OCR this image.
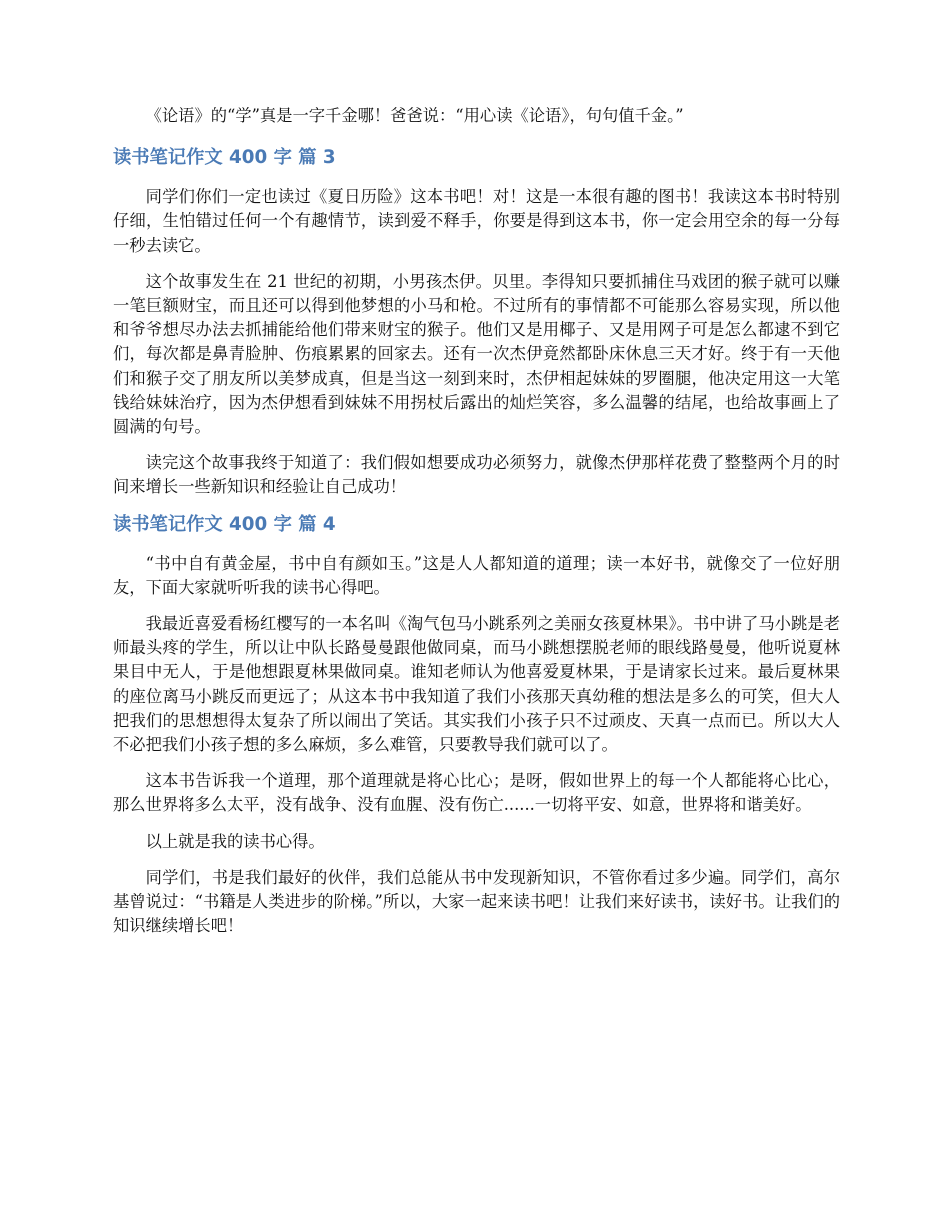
《论语》的“学”真是一字千金哪！爸爸说：“用心读《论语》，句句值千金。”

读书笔记作文 400 字 篇 3

同学们你们一定也读过《夏日历险》这本书吧！对！这是一本很有趣的图书！我读这本书时特别仔细，生怕错过任何一个有趣情节，读到爱不释手，你要是得到这本书，你一定会用空余的每一分每一秒去读它。

这个故事发生在 21 世纪的初期，小男孩杰伊。贝里。李得知只要抓捕住马戏团的猴子就可以赚一笔巨额财宝，而且还可以得到他梦想的小马和枪。不过所有的事情都不可能那么容易实现，所以他和爷爷想尽办法去抓捕能给他们带来财宝的猴子。他们又是用椰子、又是用网子可是怎么都逮不到它们，每次都是鼻青脸肿、伤痕累累的回家去。还有一次杰伊竟然都卧床休息三天才好。终于有一天他们和猴子交了朋友所以美梦成真，但是当这一刻到来时，杰伊相起妹妹的罗圈腿，他决定用这一大笔钱给妹妹治疗，因为杰伊想看到妹妹不用拐杖后露出的灿烂笑容，多么温馨的结尾，也给故事画上了圆满的句号。

读完这个故事我终于知道了：我们假如想要成功必须努力，就像杰伊那样花费了整整两个月的时间来增长一些新知识和经验让自己成功！

读书笔记作文 400 字 篇 4

“书中自有黄金屋，书中自有颜如玉。”这是人人都知道的道理；读一本好书，就像交了一位好朋友，下面大家就听听我的读书心得吧。

我最近喜爱看杨红樱写的一本名叫《淘气包马小跳系列之美丽女孩夏林果》。书中讲了马小跳是老师最头疼的学生，所以让中队长路曼曼跟他做同桌，而马小跳想摆脱老师的眼线路曼曼，他听说夏林果目中无人，于是他想跟夏林果做同桌。谁知老师认为他喜爱夏林果，于是请家长过来。最后夏林果的座位离马小跳反而更远了；从这本书中我知道了我们小孩那天真幼稚的想法是多么的可笑，但大人把我们的思想想得太复杂了所以闹出了笑话。其实我们小孩子只不过顽皮、天真一点而已。所以大人不必把我们小孩子想的多么麻烦，多么难管，只要教导我们就可以了。

这本书告诉我一个道理，那个道理就是将心比心；是呀，假如世界上的每一个人都能将心比心，那么世界将多么太平，没有战争、没有血腥、没有伤亡......一切将平安、如意，世界将和谐美好。

以上就是我的读书心得。

同学们，书是我们最好的伙伴，我们总能从书中发现新知识，不管你看过多少遍。同学们，高尔基曾说过：“书籍是人类进步的阶梯。”所以，大家一起来读书吧！让我们来好读书，读好书。让我们的知识继续增长吧！
